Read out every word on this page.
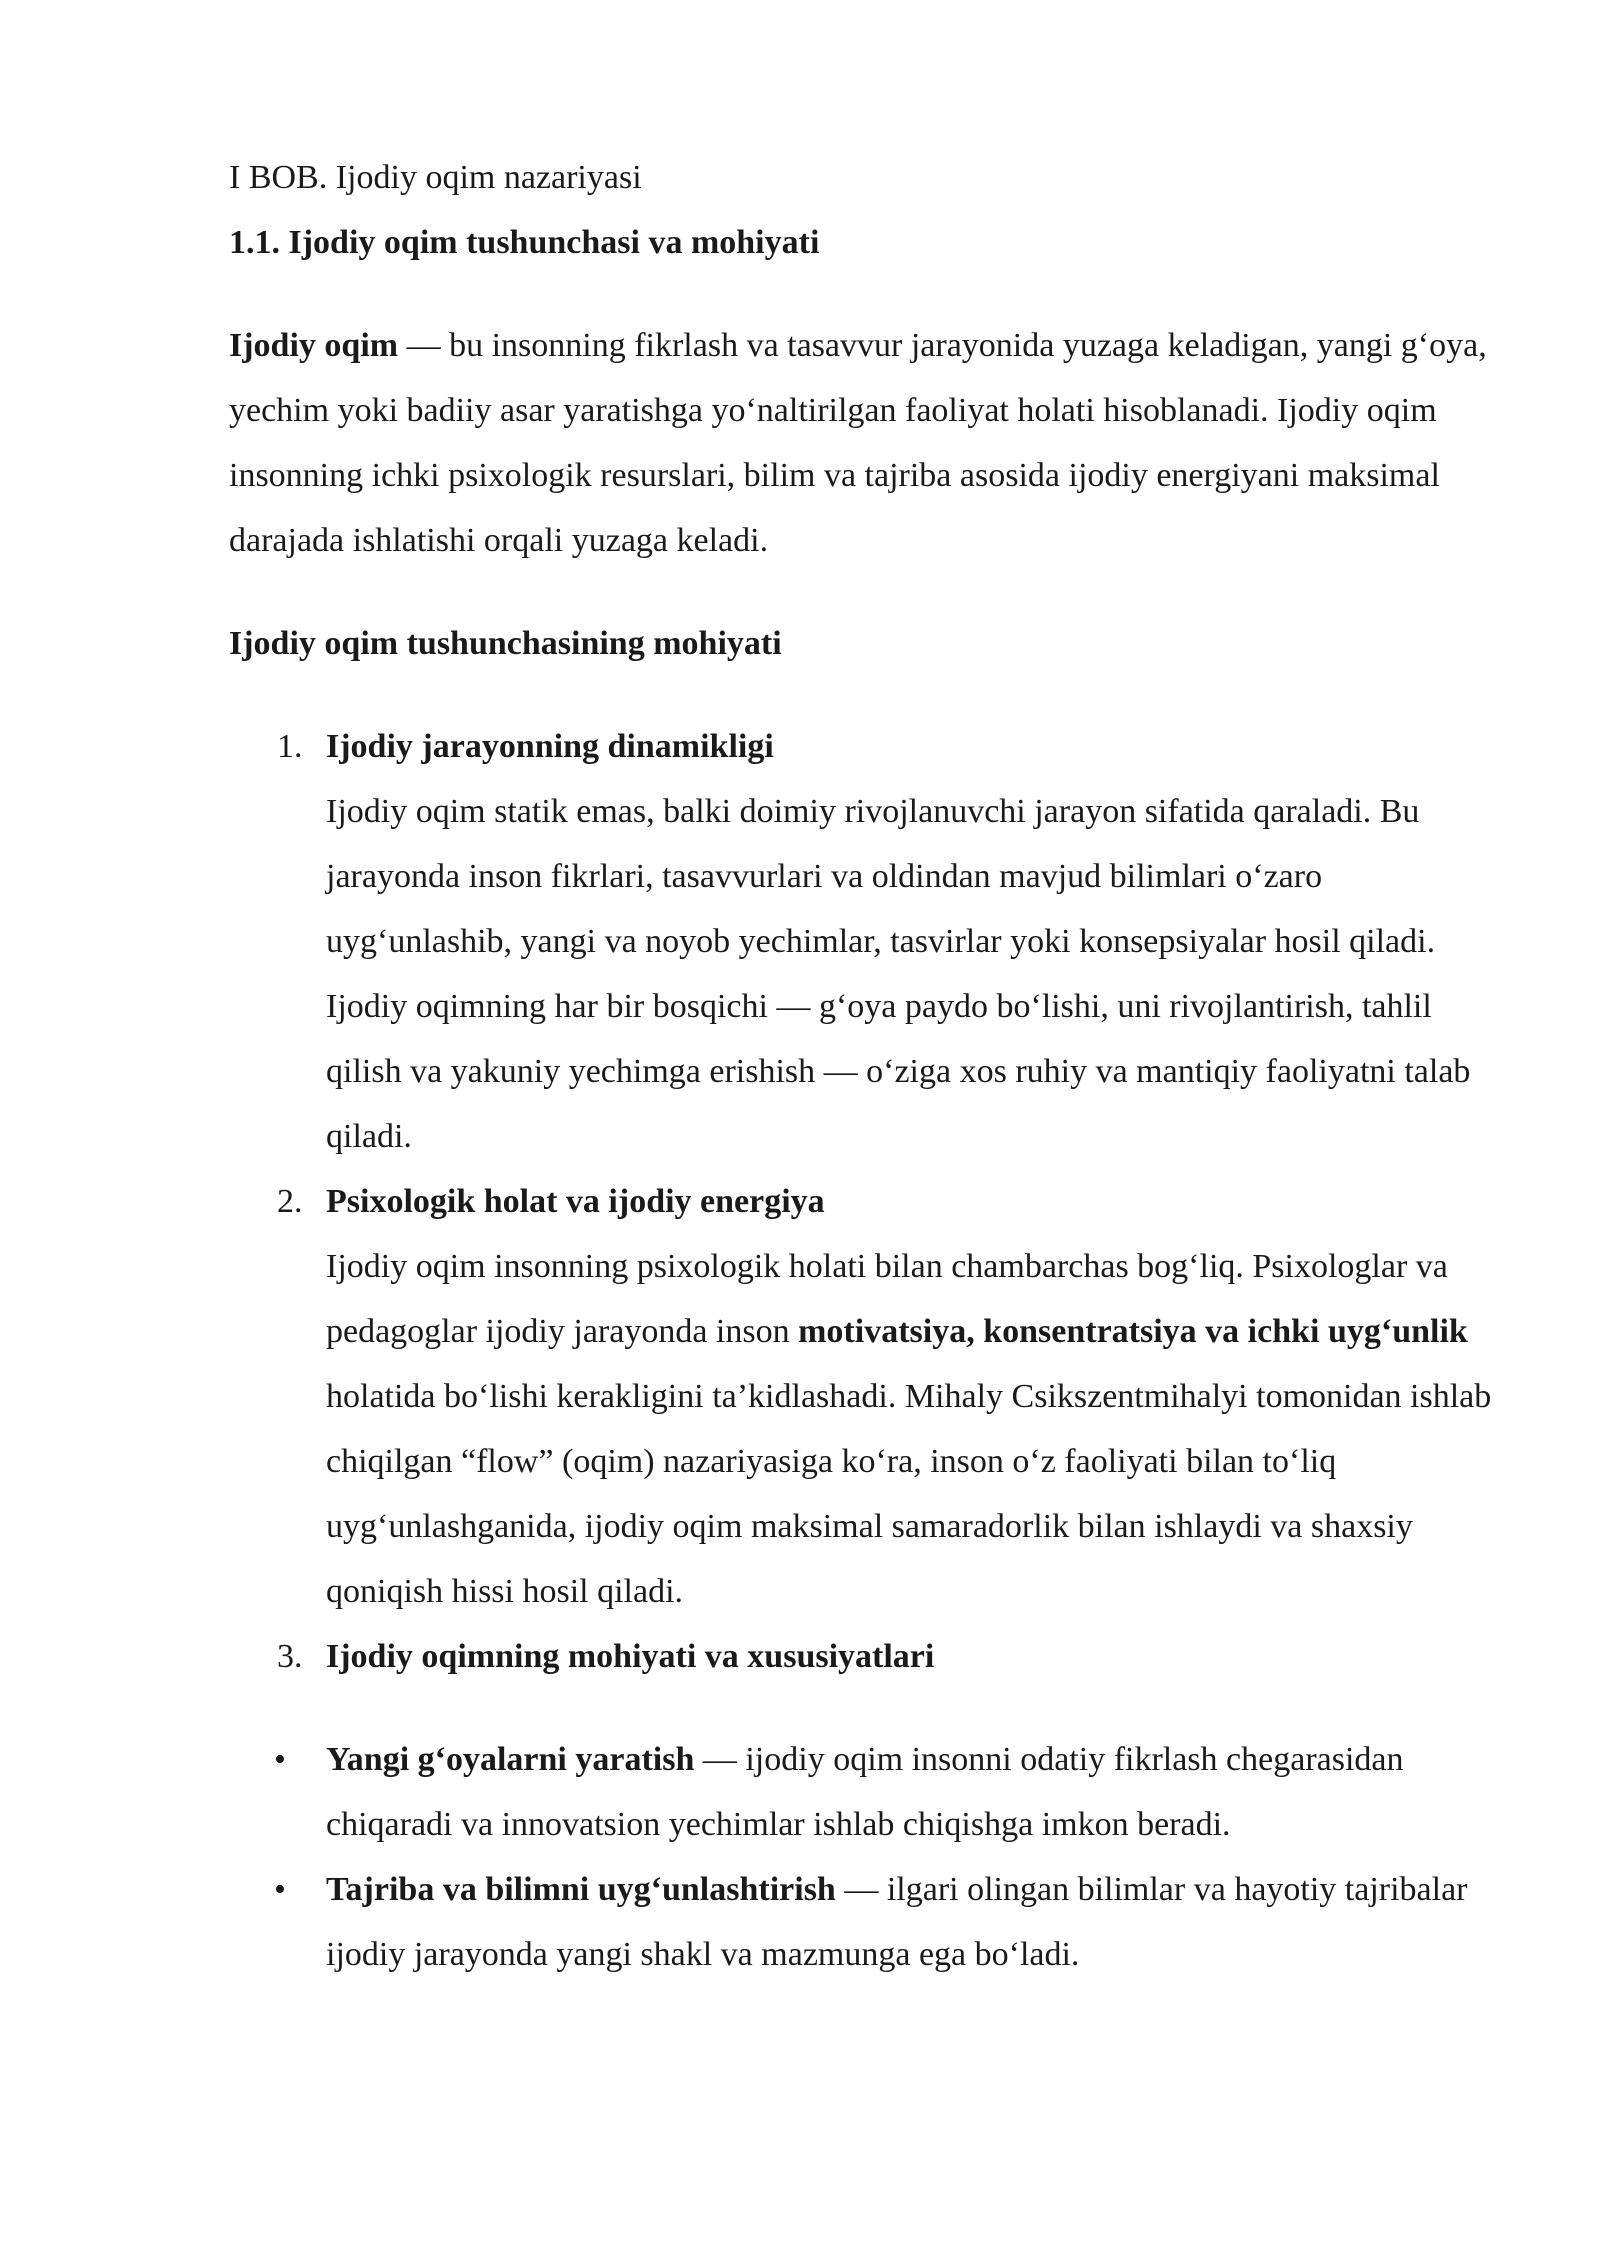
I BOB. Ijodiy oqim nazariyasi
1.1. Ijodiy oqim tushunchasi va mohiyati

Ijodiy oqim — bu insonning fikrlash va tasavvur jarayonida yuzaga keladigan, yangi g‘oya, yechim yoki badiiy asar yaratishga yo‘naltirilgan faoliyat holati hisoblanadi. Ijodiy oqim insonning ichki psixologik resurslari, bilim va tajriba asosida ijodiy energiyani maksimal darajada ishlatishi orqali yuzaga keladi.

Ijodiy oqim tushunchasining mohiyati

1. Ijodiy jarayonning dinamikligi
Ijodiy oqim statik emas, balki doimiy rivojlanuvchi jarayon sifatida qaraladi. Bu jarayonda inson fikrlari, tasavvurlari va oldindan mavjud bilimlari o‘zaro uyg‘unlashib, yangi va noyob yechimlar, tasvirlar yoki konsepsiyalar hosil qiladi. Ijodiy oqimning har bir bosqichi — g‘oya paydo bo‘lishi, uni rivojlantirish, tahlil qilish va yakuniy yechimga erishish — o‘ziga xos ruhiy va mantiqiy faoliyatni talab qiladi.
2. Psixologik holat va ijodiy energiya
Ijodiy oqim insonning psixologik holati bilan chambarchas bog‘liq. Psixologlar va pedagoglar ijodiy jarayonda inson motivatsiya, konsentratsiya va ichki uyg‘unlik holatida bo‘lishi kerakligini ta’kidlashadi. Mihaly Csikszentmihalyi tomonidan ishlab chiqilgan “flow” (oqim) nazariyasiga ko‘ra, inson o‘z faoliyati bilan to‘liq uyg‘unlashganida, ijodiy oqim maksimal samaradorlik bilan ishlaydi va shaxsiy qoniqish hissi hosil qiladi.
3. Ijodiy oqimning mohiyati va xususiyatlari
• Yangi g‘oyalarni yaratish — ijodiy oqim insonni odatiy fikrlash chegarasidan chiqaradi va innovatsion yechimlar ishlab chiqishga imkon beradi.
• Tajriba va bilimni uyg‘unlashtirish — ilgari olingan bilimlar va hayotiy tajribalar ijodiy jarayonda yangi shakl va mazmunga ega bo‘ladi.
